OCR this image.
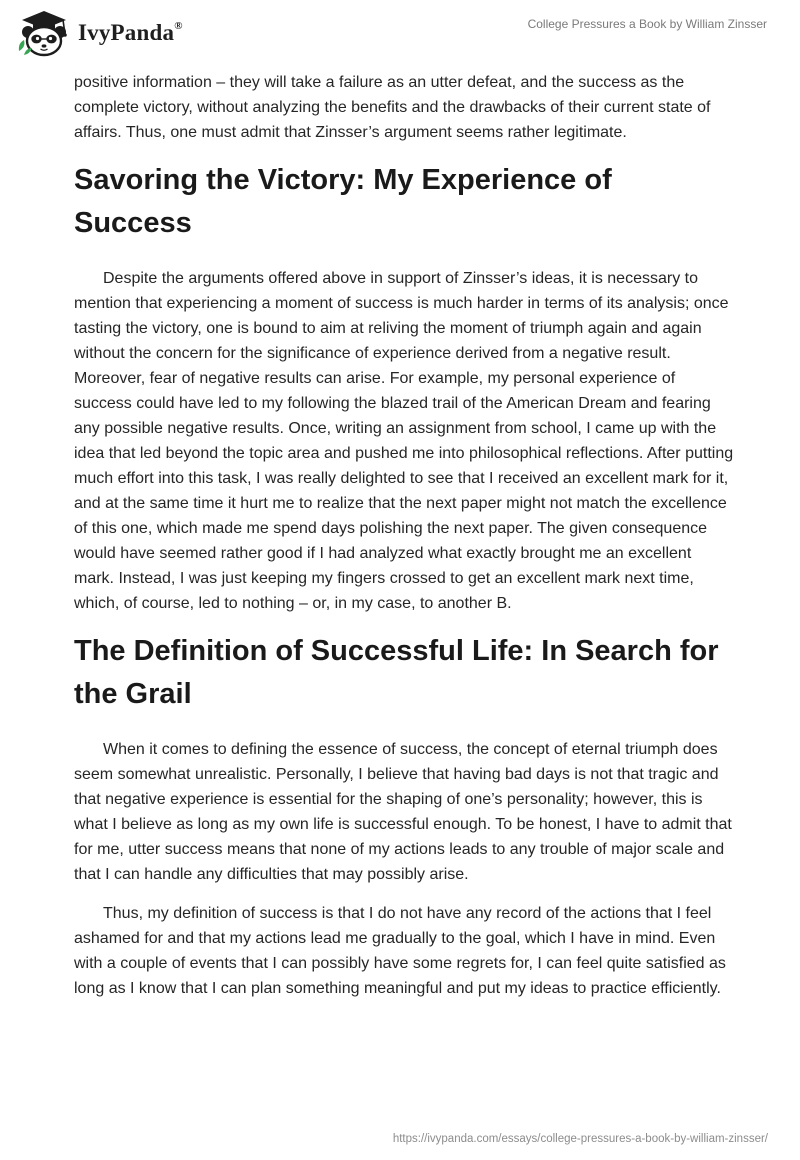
IvyPanda®	College Pressures a Book by William Zinsser

positive information – they will take a failure as an utter defeat, and the success as the complete victory, without analyzing the benefits and the drawbacks of their current state of affairs. Thus, one must admit that Zinsser’s argument seems rather legitimate.

Savoring the Victory: My Experience of Success

Despite the arguments offered above in support of Zinsser’s ideas, it is necessary to mention that experiencing a moment of success is much harder in terms of its analysis; once tasting the victory, one is bound to aim at reliving the moment of triumph again and again without the concern for the significance of experience derived from a negative result. Moreover, fear of negative results can arise. For example, my personal experience of success could have led to my following the blazed trail of the American Dream and fearing any possible negative results. Once, writing an assignment from school, I came up with the idea that led beyond the topic area and pushed me into philosophical reflections. After putting much effort into this task, I was really delighted to see that I received an excellent mark for it, and at the same time it hurt me to realize that the next paper might not match the excellence of this one, which made me spend days polishing the next paper. The given consequence would have seemed rather good if I had analyzed what exactly brought me an excellent mark. Instead, I was just keeping my fingers crossed to get an excellent mark next time, which, of course, led to nothing – or, in my case, to another B.

The Definition of Successful Life: In Search for the Grail

When it comes to defining the essence of success, the concept of eternal triumph does seem somewhat unrealistic. Personally, I believe that having bad days is not that tragic and that negative experience is essential for the shaping of one’s personality; however, this is what I believe as long as my own life is successful enough. To be honest, I have to admit that for me, utter success means that none of my actions leads to any trouble of major scale and that I can handle any difficulties that may possibly arise.

Thus, my definition of success is that I do not have any record of the actions that I feel ashamed for and that my actions lead me gradually to the goal, which I have in mind. Even with a couple of events that I can possibly have some regrets for, I can feel quite satisfied as long as I know that I can plan something meaningful and put my ideas to practice efficiently.

https://ivypanda.com/essays/college-pressures-a-book-by-william-zinsser/
